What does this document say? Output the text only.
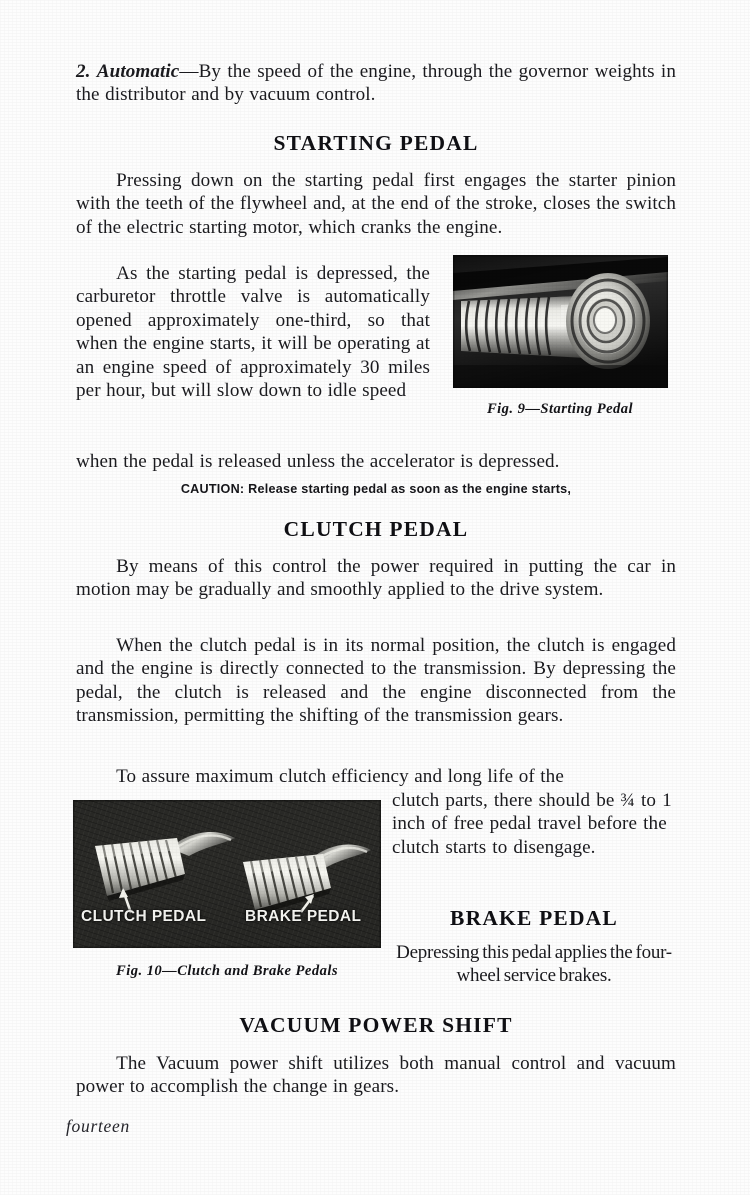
2. Automatic—By the speed of the engine, through the governor weights in the distributor and by vacuum control.

STARTING PEDAL

Pressing down on the starting pedal first engages the starter pinion with the teeth of the flywheel and, at the end of the stroke, closes the switch of the electric starting motor, which cranks the engine.

As the starting pedal is depressed, the carburetor throttle valve is automatically opened approximately one-third, so that when the engine starts, it will be operating at an engine speed of approximately 30 miles per hour, but will slow down to idle speed

when the pedal is released unless the accelerator is depressed.

Fig. 9—Starting Pedal
CAUTION: Release starting pedal as soon as the engine starts,
CLUTCH PEDAL

By means of this control the power required in putting the car in motion may be gradually and smoothly applied to the drive system.

When the clutch pedal is in its normal position, the clutch is engaged and the engine is directly connected to the transmission. By depressing the pedal, the clutch is released and the engine disconnected from the transmission, permitting the shifting of the transmission gears.

To assure maximum clutch efficiency and long life of the

clutch parts, there should be ¾ to 1 inch of free pedal travel before the clutch starts to disengage.

CLUTCH PEDAL BRAKE PEDAL
Fig. 10—Clutch and Brake Pedals
BRAKE PEDAL

Depressing this pedal applies the four-wheel service brakes.

VACUUM POWER SHIFT

The Vacuum power shift utilizes both manual control and vacuum power to accomplish the change in gears.

fourteen
